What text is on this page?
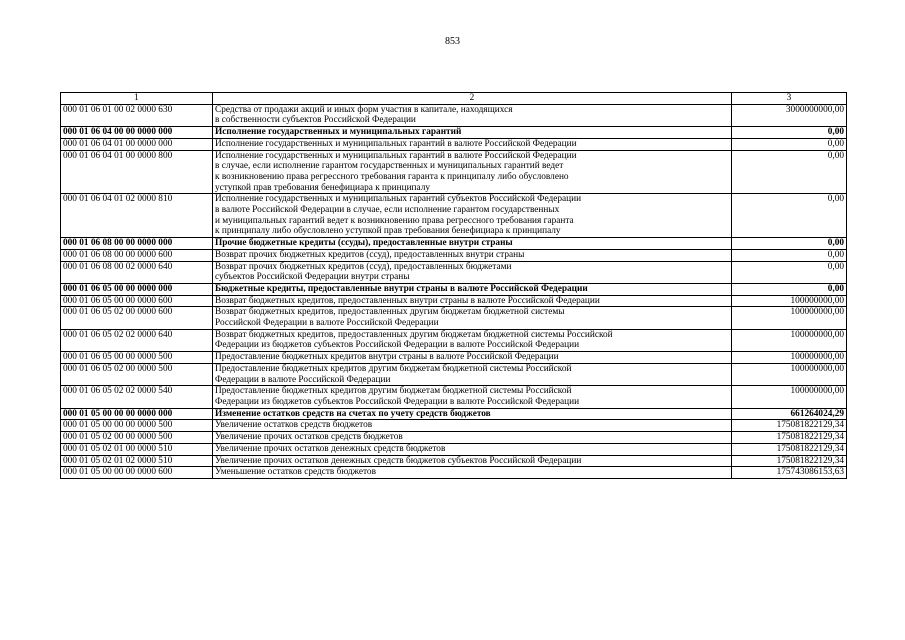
853
1	2	3
000 01 06 01 00 02 0000 630	Средства от продажи акций и иных форм участия в капитале, находящихся
в собственности субъектов Российской Федерации	3000000000,00
000 01 06 04 00 00 0000 000	Исполнение государственных и муниципальных гарантий	0,00
000 01 06 04 01 00 0000 000	Исполнение государственных и муниципальных гарантий в валюте Российской Федерации	0,00
000 01 06 04 01 00 0000 800	Исполнение государственных и муниципальных гарантий в валюте Российской Федерации
в случае, если исполнение гарантом государственных и муниципальных гарантий ведет
к возникновению права регрессного требования гаранта к принципалу либо обусловлено
уступкой прав требования бенефициара к принципалу	0,00
000 01 06 04 01 02 0000 810	Исполнение государственных и муниципальных гарантий субъектов Российской Федерации
в валюте Российской Федерации в случае, если исполнение гарантом государственных
и муниципальных гарантий ведет к возникновению права регрессного требования гаранта
к принципалу либо обусловлено уступкой прав требования бенефициара к принципалу	0,00
000 01 06 08 00 00 0000 000	Прочие бюджетные кредиты (ссуды), предоставленные внутри страны	0,00
000 01 06 08 00 00 0000 600	Возврат прочих бюджетных кредитов (ссуд), предоставленных внутри страны	0,00
000 01 06 08 00 02 0000 640	Возврат прочих бюджетных кредитов (ссуд), предоставленных бюджетами
субъектов Российской Федерации внутри страны	0,00
000 01 06 05 00 00 0000 000	Бюджетные кредиты, предоставленные внутри страны в валюте Российской Федерации	0,00
000 01 06 05 00 00 0000 600	Возврат бюджетных кредитов, предоставленных внутри страны в валюте Российской Федерации	100000000,00
000 01 06 05 02 00 0000 600	Возврат бюджетных кредитов, предоставленных другим бюджетам бюджетной системы
Российской Федерации в валюте Российской Федерации	100000000,00
000 01 06 05 02 02 0000 640	Возврат бюджетных кредитов, предоставленных другим бюджетам бюджетной системы Российской
Федерации из бюджетов субъектов Российской Федерации в валюте Российской Федерации	100000000,00
000 01 06 05 00 00 0000 500	Предоставление бюджетных кредитов внутри страны в валюте Российской Федерации	100000000,00
000 01 06 05 02 00 0000 500	Предоставление бюджетных кредитов другим бюджетам бюджетной системы Российской
Федерации в валюте Российской Федерации	100000000,00
000 01 06 05 02 02 0000 540	Предоставление бюджетных кредитов другим бюджетам бюджетной системы Российской
Федерации из бюджетов субъектов Российской Федерации в валюте Российской Федерации	100000000,00
000 01 05 00 00 00 0000 000	Изменение остатков средств на счетах по учету средств бюджетов	661264024,29
000 01 05 00 00 00 0000 500	Увеличение остатков средств бюджетов	175081822129,34
000 01 05 02 00 00 0000 500	Увеличение прочих остатков средств бюджетов	175081822129,34
000 01 05 02 01 00 0000 510	Увеличение прочих остатков денежных средств бюджетов	175081822129,34
000 01 05 02 01 02 0000 510	Увеличение прочих остатков денежных средств бюджетов субъектов Российской Федерации	175081822129,34
000 01 05 00 00 00 0000 600	Уменьшение остатков средств бюджетов	175743086153,63
